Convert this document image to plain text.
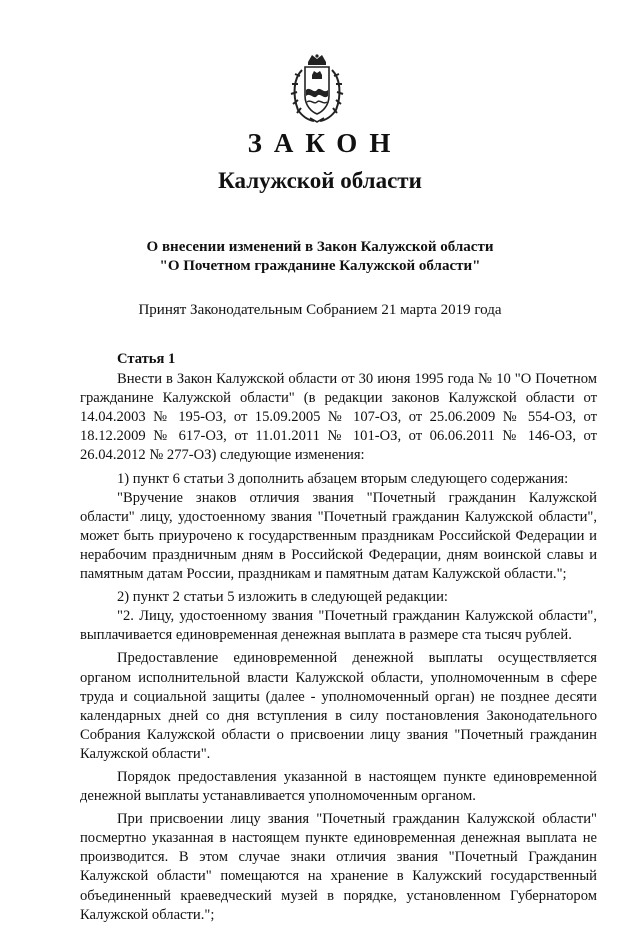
ЗАКОН
Калужской области
О внесении изменений в Закон Калужской области
"О Почетном гражданине Калужской области"
Принят Законодательным Собранием 21 марта 2019 года

Статья 1

Внести в Закон Калужской области от 30 июня 1995 года № 10 "О Почетном гражданине Калужской области" (в редакции законов Калужской области от 14.04.2003 № 195-ОЗ, от 15.09.2005 № 107-ОЗ, от 25.06.2009 № 554-ОЗ, от 18.12.2009 № 617-ОЗ, от 11.01.2011 № 101-ОЗ, от 06.06.2011 № 146-ОЗ, от 26.04.2012 № 277-ОЗ) следующие изменения:

1) пункт 6 статьи 3 дополнить абзацем вторым следующего содержания:

"Вручение знаков отличия звания "Почетный гражданин Калужской области" лицу, удостоенному звания "Почетный гражданин Калужской области", может быть приурочено к государственным праздникам Российской Федерации и нерабочим праздничным дням в Российской Федерации, дням воинской славы и памятным датам России, праздникам и памятным датам Калужской области.";

2) пункт 2 статьи 5 изложить в следующей редакции:

"2. Лицу, удостоенному звания "Почетный гражданин Калужской области", выплачивается единовременная денежная выплата в размере ста тысяч рублей.

Предоставление единовременной денежной выплаты осуществляется органом исполнительной власти Калужской области, уполномоченным в сфере труда и социальной защиты (далее - уполномоченный орган) не позднее десяти календарных дней со дня вступления в силу постановления Законодательного Собрания Калужской области о присвоении лицу звания "Почетный гражданин Калужской области".

Порядок предоставления указанной в настоящем пункте единовременной денежной выплаты устанавливается уполномоченным органом.

При присвоении лицу звания "Почетный гражданин Калужской области" посмертно указанная в настоящем пункте единовременная денежная выплата не производится. В этом случае знаки отличия звания "Почетный Гражданин Калужской области" помещаются на хранение в Калужский государственный объединенный краеведческий музей в порядке, установленном Губернатором Калужской области.";
